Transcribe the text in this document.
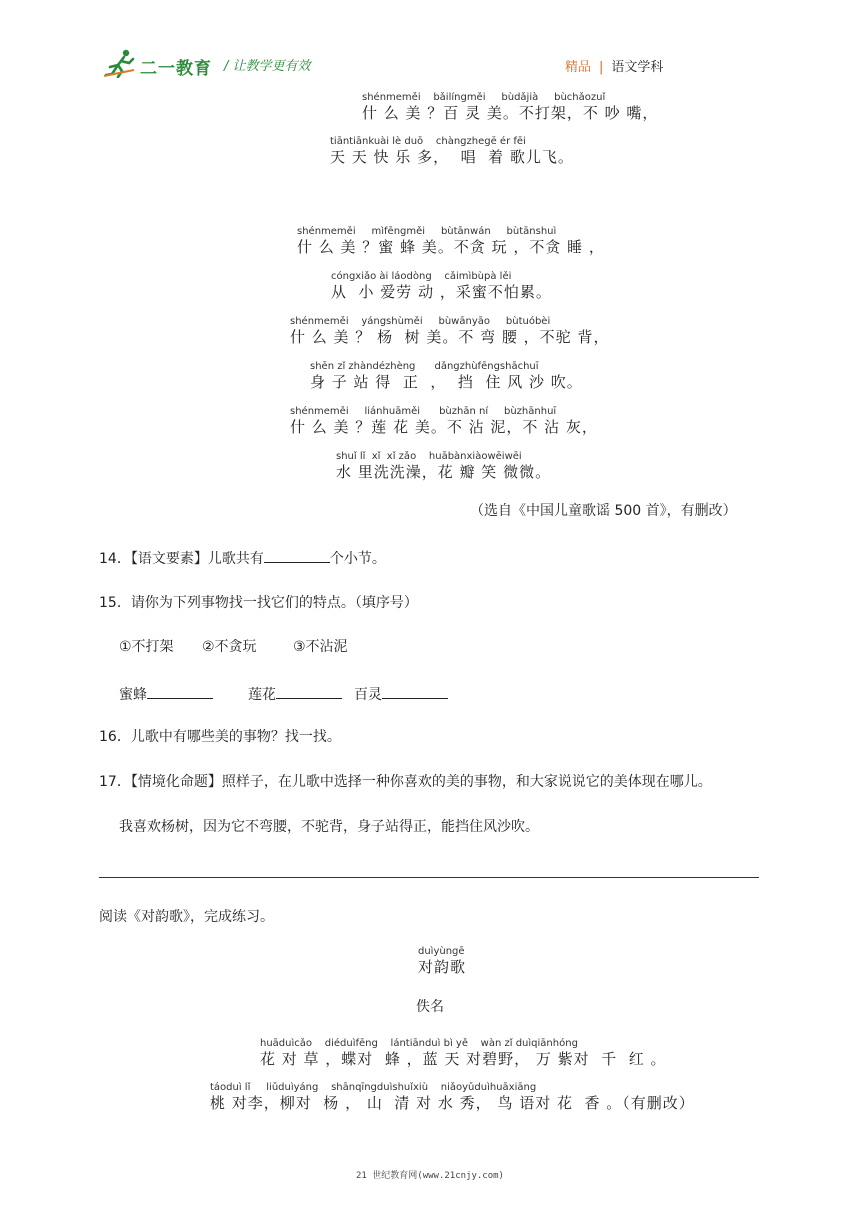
二一教育 / 让教学更有效	精品 | 语文学科
shénmeměi    bǎilíngměi     bùdǎjià     bùchǎozuǐ
什 么 美 ？百 灵 美。不打架，不 吵 嘴，
tiāntiānkuài lè duō    chàngzhegē ér fēi
天 天 快 乐 多，  唱  着 歌儿飞。
shénmeměi     mìfēngměi     bùtānwán     bùtānshuì
什 么 美 ？蜜 蜂 美。不贪 玩 ，不贪 睡 ，
cóngxiǎo ài láodòng    cǎimìbùpà lěi
从  小 爱劳 动 ，采蜜不怕累。
shénmeměi    yángshùměi     bùwānyāo     bùtuóbèi
什 么 美 ？ 杨  树 美。不 弯 腰 ，不驼 背，
shēn zǐ zhàndézhèng      dǎngzhùfēngshāchuī
身 子 站 得  正  ，  挡  住 风 沙 吹。
shénmeměi     liánhuāměi      bùzhān ní     bùzhānhuī
什 么 美 ？莲 花 美。不 沾 泥，不 沾 灰，
shuǐ lǐ  xǐ  xǐ zǎo    huābànxiàowēiwēi
水 里洗洗澡，花 瓣 笑 微微。
（选自《中国儿童歌谣 500 首》，有删改）
14．【语文要素】儿歌共有	个小节。
15．请你为下列事物找一找它们的特点。（填序号）
①不打架 ②不贪玩	③不沾泥
蜜蜂	莲花	百灵
16．儿歌中有哪些美的事物？找一找。
17．【情境化命题】照样子，在儿歌中选择一种你喜欢的美的事物，和大家说说它的美体现在哪儿。
我喜欢杨树，因为它不弯腰，不驼背，身子站得正，能挡住风沙吹。
阅读《对韵歌》，完成练习。
duìyùngē
对韵歌
佚名
huāduìcǎo    diéduìfēng    lántiānduì bì yě    wàn zǐ duìqiānhóng
花 对 草 ，蝶对  蜂 ，蓝 天 对碧野， 万 紫对  千  红 。
táoduì lǐ     liǔduìyáng    shānqīngduìshuǐxiù    niǎoyǔduìhuāxiāng
桃 对李，柳对  杨 ， 山  清 对 水 秀， 鸟 语对 花  香 。（有删改）
21 世纪教育网(www.21cnjy.com)
